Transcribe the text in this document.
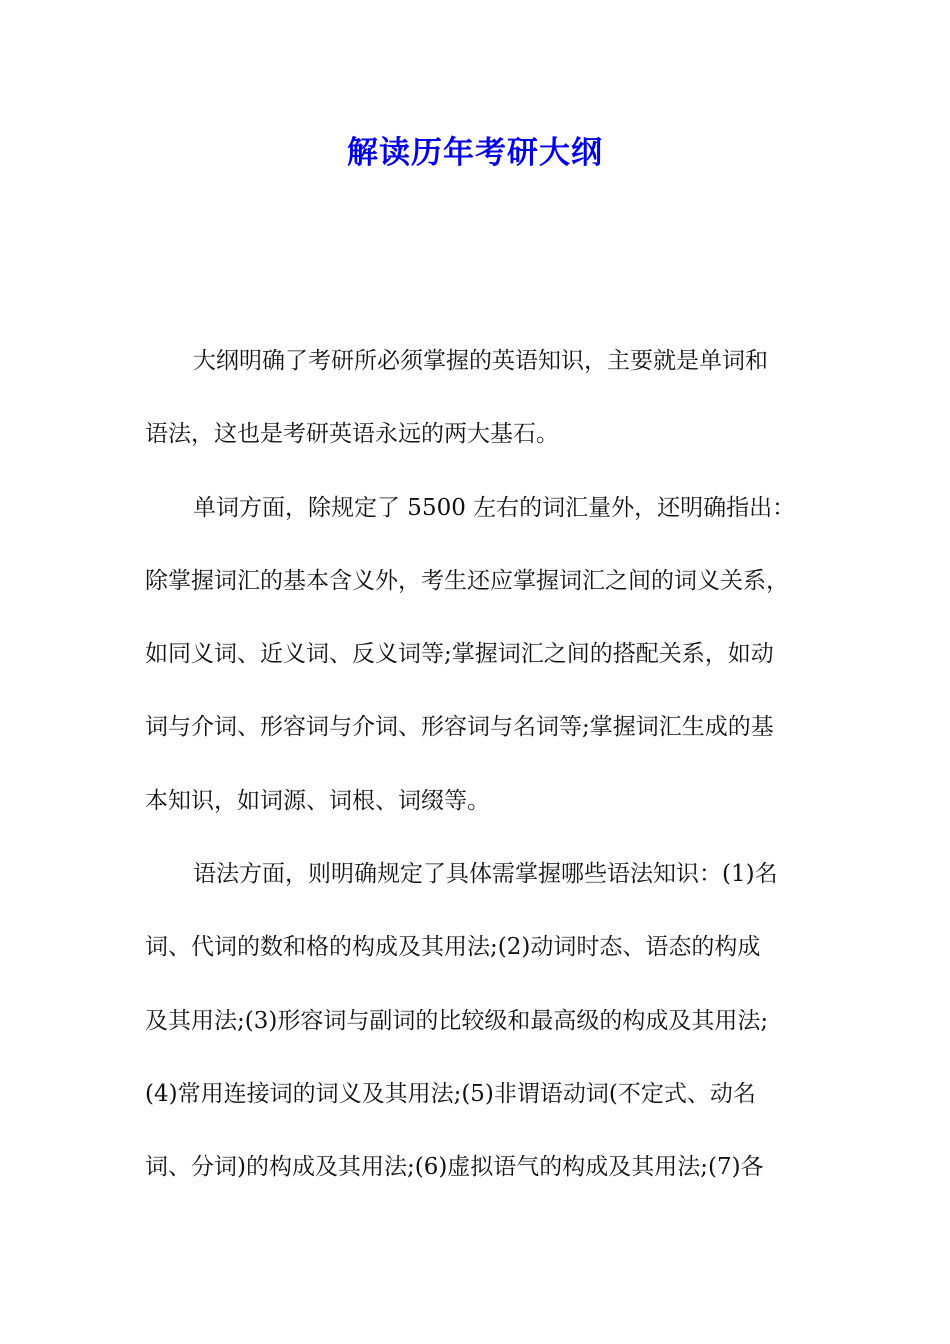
解读历年考研大纲
大纲明确了考研所必须掌握的英语知识，主要就是单词和
语法，这也是考研英语永远的两大基石。
单词方面，除规定了 5500 左右的词汇量外，还明确指出：
除掌握词汇的基本含义外，考生还应掌握词汇之间的词义关系，
如同义词、近义词、反义词等;掌握词汇之间的搭配关系，如动
词与介词、形容词与介词、形容词与名词等;掌握词汇生成的基
本知识，如词源、词根、词缀等。
语法方面，则明确规定了具体需掌握哪些语法知识：(1)名
词、代词的数和格的构成及其用法;(2)动词时态、语态的构成
及其用法;(3)形容词与副词的比较级和最高级的构成及其用法;
(4)常用连接词的词义及其用法;(5)非谓语动词(不定式、动名
词、分词)的构成及其用法;(6)虚拟语气的构成及其用法;(7)各
